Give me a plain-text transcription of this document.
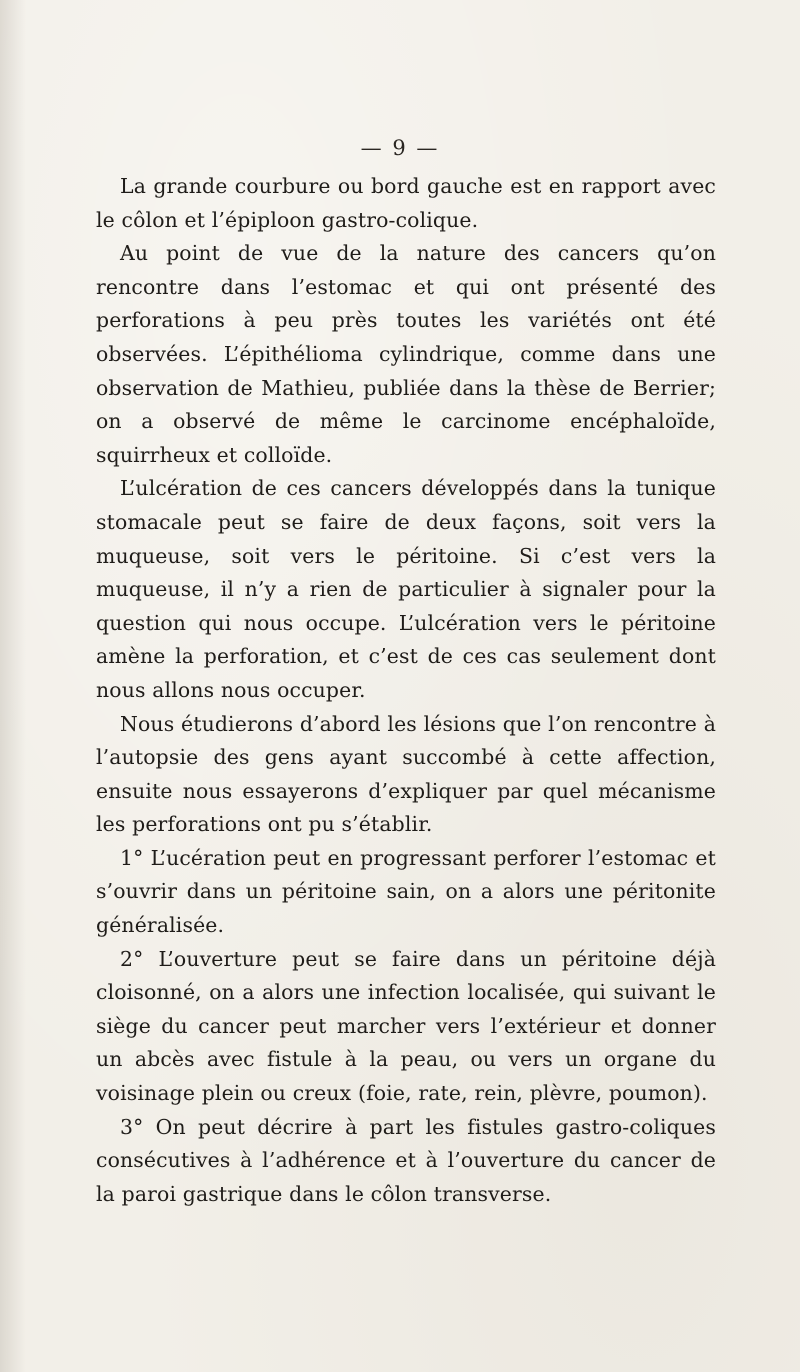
— 9 —

La grande courbure ou bord gauche est en rapport avec le côlon et l’épiploon gastro-colique.

Au point de vue de la nature des cancers qu’on rencontre dans l’estomac et qui ont présenté des perforations à peu près toutes les variétés ont été observées. L’épithélioma cylindrique, comme dans une observation de Mathieu, publiée dans la thèse de Berrier; on a observé de même le carcinome encéphaloïde, squirrheux et colloïde.

L’ulcération de ces cancers développés dans la tunique stomacale peut se faire de deux façons, soit vers la muqueuse, soit vers le péritoine. Si c’est vers la muqueuse, il n’y a rien de particulier à signaler pour la question qui nous occupe. L’ulcération vers le péritoine amène la perforation, et c’est de ces cas seulement dont nous allons nous occuper.

Nous étudierons d’abord les lésions que l’on rencontre à l’autopsie des gens ayant succombé à cette affection, ensuite nous essayerons d’expliquer par quel mécanisme les perforations ont pu s’établir.

1° L’ucération peut en progressant perforer l’estomac et s’ouvrir dans un péritoine sain, on a alors une péritonite généralisée.

2° L’ouverture peut se faire dans un péritoine déjà cloisonné, on a alors une infection localisée, qui suivant le siège du cancer peut marcher vers l’extérieur et donner un abcès avec fistule à la peau, ou vers un organe du voisinage plein ou creux (foie, rate, rein, plèvre, poumon).

3° On peut décrire à part les fistules gastro-coliques consécutives à l’adhérence et à l’ouverture du cancer de la paroi gastrique dans le côlon transverse.
